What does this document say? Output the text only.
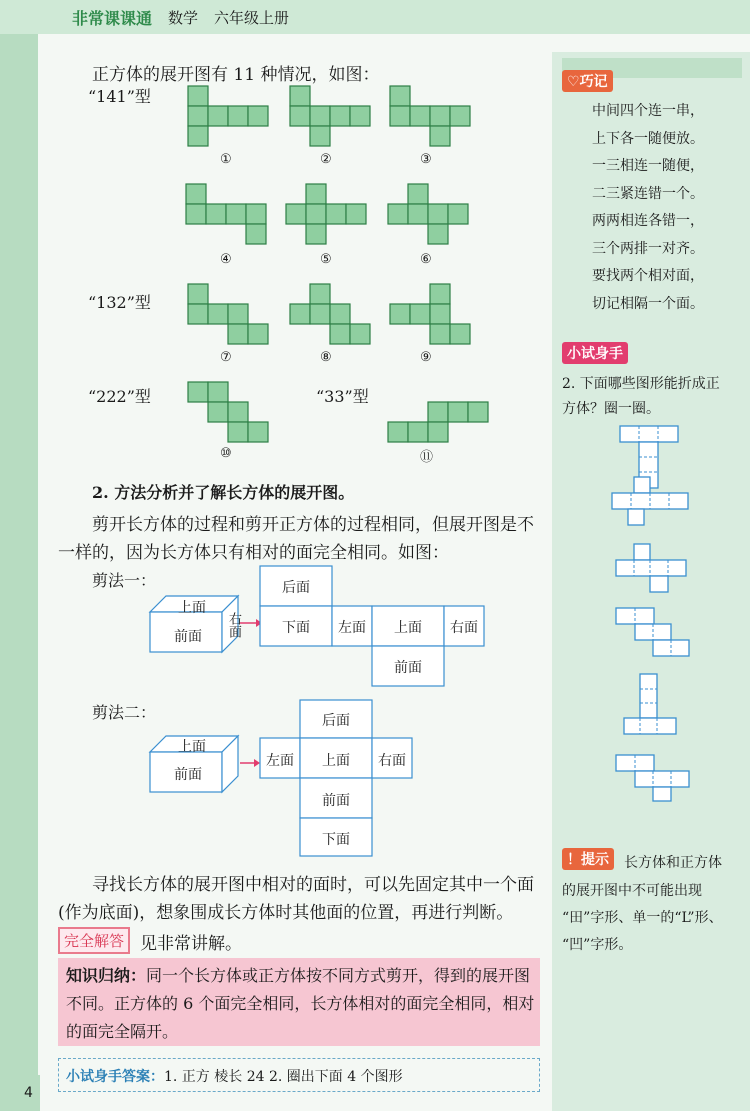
非常课课通 数学 六年级上册
正方体的展开图有 11 种情况，如图：
“141”型
“132”型
“222”型	“33”型
①	②	③
④	⑤	⑥
⑦	⑧	⑨
⑩	⑪
上面
前面 右面
后面
下面 左面 上面 右面
前面
上面
前面
后面
左面 上面 右面
前面
下面
2. 方法分析并了解长方体的展开图。
剪开长方体的过程和剪开正方体的过程相同，但展开图是不
一样的，因为长方体只有相对的面完全相同。如图：
剪法一：
剪法二：
寻找长方体的展开图中相对的面时，可以先固定其中一个面
(作为底面)，想象围成长方体时其他面的位置，再进行判断。
完全解答 见非常讲解。
知识归纳： 同一个长方体或正方体按不同方式剪开，得到的展开图
不同。正方体的 6 个面完全相同，长方体相对的面完全相同，相对
的面完全隔开。
小试身手答案： 1. 正方 棱长 24 2. 圈出下面 4 个图形
4
♡巧记
中间四个连一串，
上下各一随便放。
一三相连一随便，
二三紧连错一个。
两两相连各错一，
三个两排一对齐。
要找两个相对面，
切记相隔一个面。
小试身手
2. 下面哪些图形能折成正
方体？圈一圈。
！提示	长方体和正方体
的展开图中不可能出现
“田”字形、单一的“L”形、
“凹”字形。
